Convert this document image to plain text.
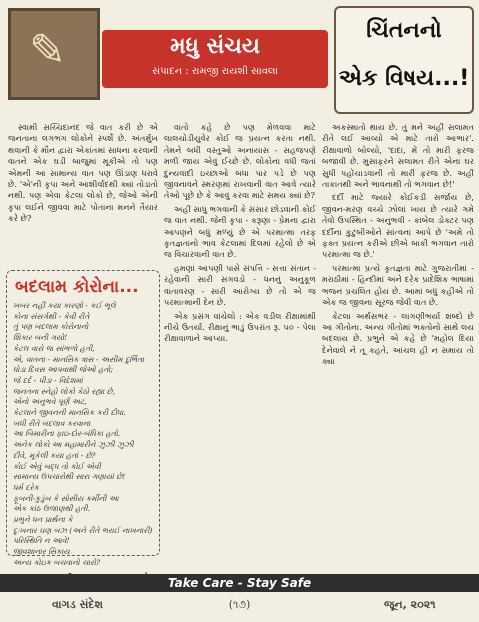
✎	મધુ સંચય
સંપાદન : રામજી રાયશી સાવલા
ચિંતનનો
એક વિષય...!

સ્વામી સચ્ચિદાનંદ જે વાત કરી છે એ જનતાના લગભગ લોકોને સ્પર્શે છે. અંતર્મુખ થવાની કે મૌન દ્વારા એકાંતમાં સાધના કરવાની વાતને એક ઘડી બાજુમાં મૂકીએ તો પણ એમની આ સામાન્ય વાત પણ ઊંડાણ ધરાવે છે. 'એ'ની કૃપા અને આશીર્વાદથી ક્યાં તોડાતો નથી. પણ એવા કેટલા લોકો છે, જેઓ એની કૃપા લઈને જીવવા માટે પોતાના મનને તૈયાર કરે છે?

વાતો કહે છે પણ મેળવવા માટે લાલચોડીયુવેર કોઈ જ પ્રયત્ન કરતા નથી. તેમને બધી વસ્તુઓ અનાયાસ - સહજપણે મળી જાય એવું ઈચ્છે છે. લોકોના વધી જતાં દુન્યવાદી ઇચ્છાઓ બધા પાર પડે છે પણ જીવનાવને સ્મરણમાં રાખવાની વાત આવે ત્યારે તેઓ પૂછે છે કે આવું કરવા માટે સમય ક્યાં છે?

અહીં સાધુ ભગવાની કે સંસાર છોડવાની કોઈ જ વાત નથી. જેની કૃપા - કરૂણા - પ્રેમના દ્વારા આપણને બધું મળ્યું છે એ પરમાત્મા તરફ કૃતજ્ઞતાનો ભાવ કેટલામાં દિલમાં રહેલો છે એ જ વિચારવાની વાત છે.

હમણાં આપણી પાસે સંપત્તિ - સત્તા સંતાન - રહેવાની સારી સગવડો - ધનનું અનુકૂળ વાતાવરણ - સારી આરોગ્ય છે તો એ જ પરમાત્માની દેન છે.

એક પ્રસંગ વાંચેલો : એક વડીલ રીક્ષામાંથી નીચે ઉતર્યા. રીક્ષાનું ભાડું ઉપરાંત રૂ. ૫૦ - પેલા રીક્ષાવાળાને આપ્યા.

અકસ્માતો થાય છે. તું મને અહીં સલામત રીતે લઈ આવ્યો એ માટે તારો આભાર'. રીક્ષાવાળો બોલ્યો, 'દાદા, મેં તો મારી ફરજ બજાવી છે. મુસાફરને સલામત રીતે એના ઘર સુધી પહોંચાડવાની તો મારી ફરજ છે. અહીં તાકાતથી અને ભાવનાથી તો ભગવાન છે!'

દર્દી માટે જ્યારે કોઈકડી સર્જાય છે, જીવન-મરણ વચ્ચે ઝોલાં ખાય છે ત્યારે ગમે તેવો ઉપસ્થિત - અનુભવી - કાબેલ ડોક્ટર પણ દર્દીના કુટુંબીઓને સાંત્વના આપે છે 'અમે તો ફક્ત પ્રયત્ન કરીએ છીએ બાકી ભગવાન તારો પરમાત્મા જ છે.'

પરમાત્મા પ્રત્યે કૃતજ્ઞતા માટે ગુજરાતીમાં - મરાઠીમાં - હિન્દીમાં અને દરેક પ્રાદેશિક ભાષામાં ભજન પ્રચલિત હોય છે. આમાં બધું કહીએ તો એક જ જીવના સૂરજ જેવી વાત છે.

કેટલા અર્થસભર - લાગણીભર્યા શબ્દો છે આ ગીતોના. અન્ય ગીતોમાં ભક્તોનો સાથે લય બદલાય છે. પ્રભુને એ કહે છે 'મહોલ દિયા દેનેવાલે ને તૂ કહતે, આંચલ હી ન સમાય તો ક્યા

બદલામ કોરોના...
ખબર નહીં કયા કારણો - કઈ ભૂલે
કોના સંસર્ગથી - કેવી રીતે
તું પણ બદલામ કોરોનાનો
શિકાર બની ગયો!
કેટલ વારો જ સાંભળો હતી,
એ, વાતના - માનસિક ત્રાસ - અસીમ દુર્ભિતા
ધોડા દિવસ આપવાથી જેઓ હતો;
જે દર્દ - પીડા - વિદેશમાં
જનતના સ્નેહો લોકો કેઠો રહ્યા છે,
એનો અનુભવે પૂર્ણ અટ,
કેટલાને જીવનની માનસિક કરી દીધા.
બધી રીતે બદલાવ કરવાના
આ બિમારીના ફાઇ-દોર-બંધિકા હતો.
અનેક લોકો આ મહામારીને ઝુઝી ઝુઝી
દીવે, મૂકેલી કયા હતાં - છે?
કોઈ એવું બદ્ધ તો કોઈ એવી
સામાન્ય ઉપચારોથી સારા ગણાયાં છે!
ધર્મ દરેક
ફૂબની-કુડુંબ કે સોસીય કર્મીની આ
એક કાંઠ ઉજાણથી હતી.
પ્રભુને ધન પ્રાર્થના કે
દુઃખનાર ઘણ બઝ (અને રીતે ભરાઈ નાખનારી)
પરિસ્થિતિ ન આવે!
જીવશાનાર સિકાય
અન્ય કોઇક બચવાનો ચારો?
Take Care - Stay Safe
(૧૭)
વાગડ સંદેશ	જૂન, ૨૦૨૧
